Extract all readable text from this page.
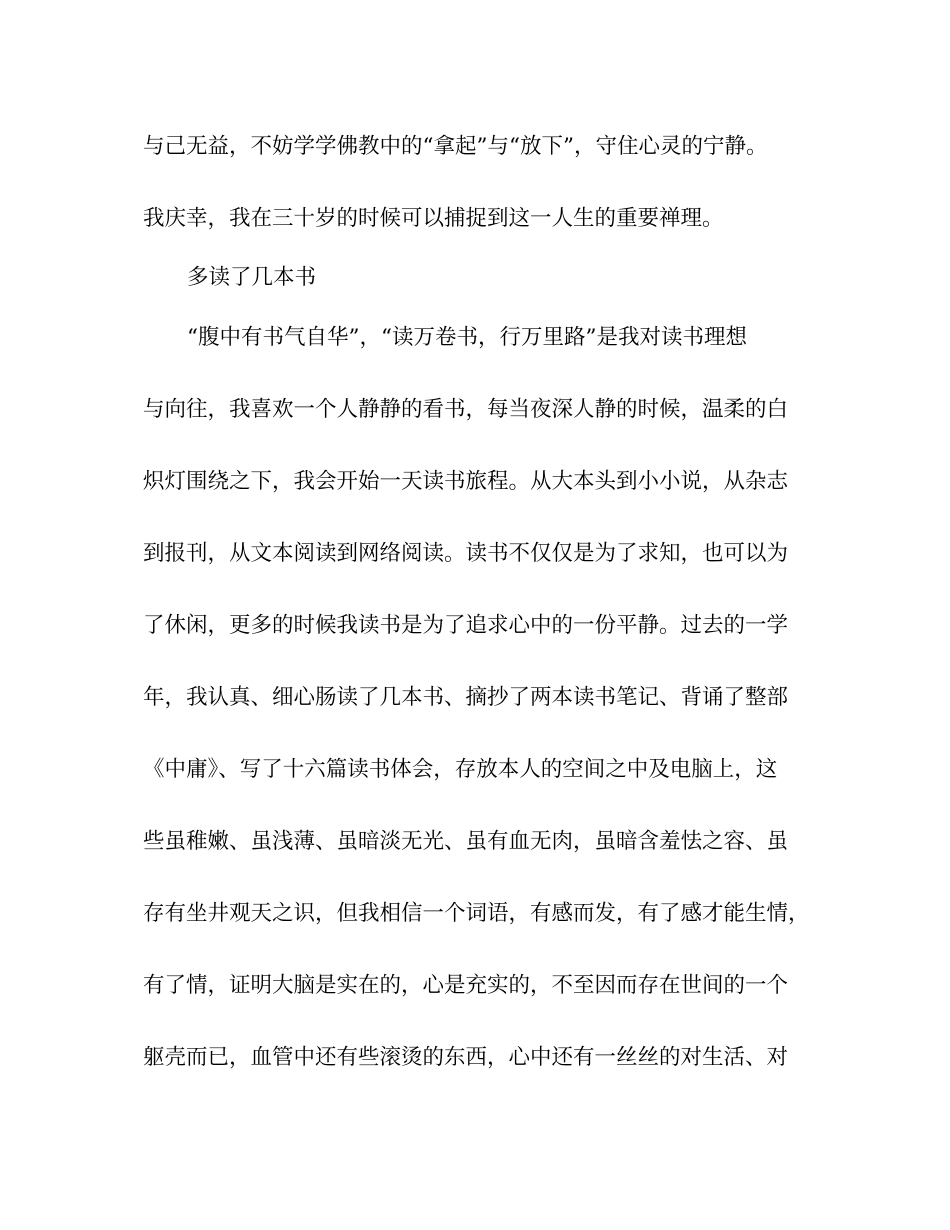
与己无益，不妨学学佛教中的“拿起”与“放下”，守住心灵的宁静。
我庆幸，我在三十岁的时候可以捕捉到这一人生的重要禅理。
多读了几本书
“腹中有书气自华”，“读万卷书，行万里路”是我对读书理想
与向往，我喜欢一个人静静的看书，每当夜深人静的时候，温柔的白
炽灯围绕之下，我会开始一天读书旅程。从大本头到小小说，从杂志
到报刊，从文本阅读到网络阅读。读书不仅仅是为了求知，也可以为
了休闲，更多的时候我读书是为了追求心中的一份平静。过去的一学
年，我认真、细心肠读了几本书、摘抄了两本读书笔记、背诵了整部
《中庸》、写了十六篇读书体会，存放本人的空间之中及电脑上，这
些虽稚嫩、虽浅薄、虽暗淡无光、虽有血无肉，虽暗含羞怯之容、虽
存有坐井观天之识，但我相信一个词语，有感而发，有了感才能生情，
有了情，证明大脑是实在的，心是充实的，不至因而存在世间的一个
躯壳而已，血管中还有些滚烫的东西，心中还有一丝丝的对生活、对
